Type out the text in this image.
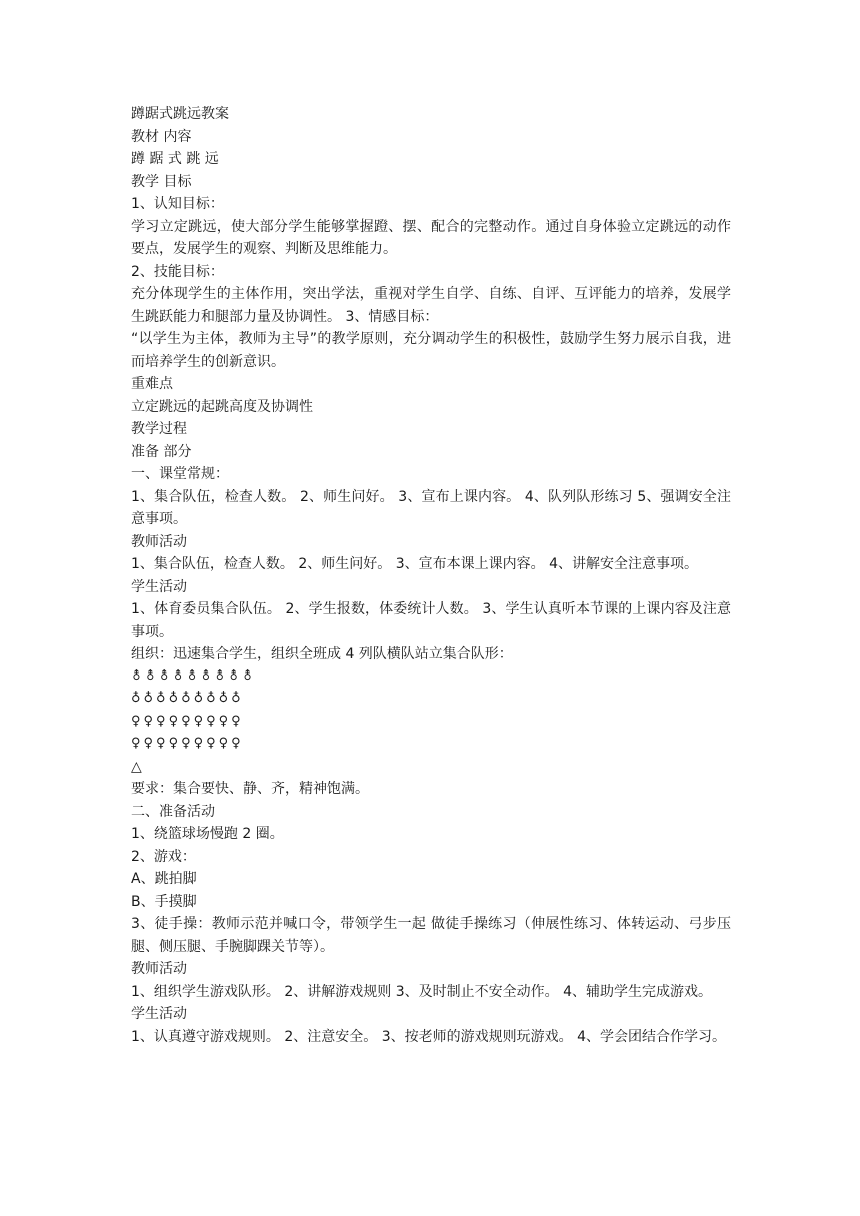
蹲踞式跳远教案
教材 内容
蹲 踞 式 跳 远
教学 目标
1、认知目标：
学习立定跳远，使大部分学生能够掌握蹬、摆、配合的完整动作。通过自身体验立定跳远的动作要点，发展学生的观察、判断及思维能力。
2、技能目标：
充分体现学生的主体作用，突出学法，重视对学生自学、自练、自评、互评能力的培养，发展学生跳跃能力和腿部力量及协调性。 3、情感目标：
“以学生为主体，教师为主导”的教学原则，充分调动学生的积极性，鼓励学生努力展示自我，进而培养学生的创新意识。
重难点
立定跳远的起跳高度及协调性
教学过程
准备 部分
一、课堂常规：
1、集合队伍，检查人数。 2、师生问好。 3、宣布上课内容。 4、队列队形练习 5、强调安全注意事项。
教师活动
1、集合队伍，检查人数。 2、师生问好。 3、宣布本课上课内容。 4、讲解安全注意事项。
学生活动
1、体育委员集合队伍。 2、学生报数，体委统计人数。 3、学生认真听本节课的上课内容及注意事项。
组织：迅速集合学生，组织全班成 4 列队横队站立集合队形：
⚨⚨⚨⚨⚨⚨⚨⚨⚨
♁♁♁♁♁♁♁♁♁
♀♀♀♀♀♀♀♀♀
♀♀♀♀♀♀♀♀♀
△
要求：集合要快、静、齐，精神饱满。
二、准备活动
1、绕篮球场慢跑 2 圈。
2、游戏：
A、跳拍脚
B、手摸脚
3、徒手操：教师示范并喊口令，带领学生一起 做徒手操练习（伸展性练习、体转运动、弓步压腿、侧压腿、手腕脚踝关节等）。
教师活动
1、组织学生游戏队形。 2、讲解游戏规则 3、及时制止不安全动作。 4、辅助学生完成游戏。
学生活动
1、认真遵守游戏规则。 2、注意安全。 3、按老师的游戏规则玩游戏。 4、学会团结合作学习。
